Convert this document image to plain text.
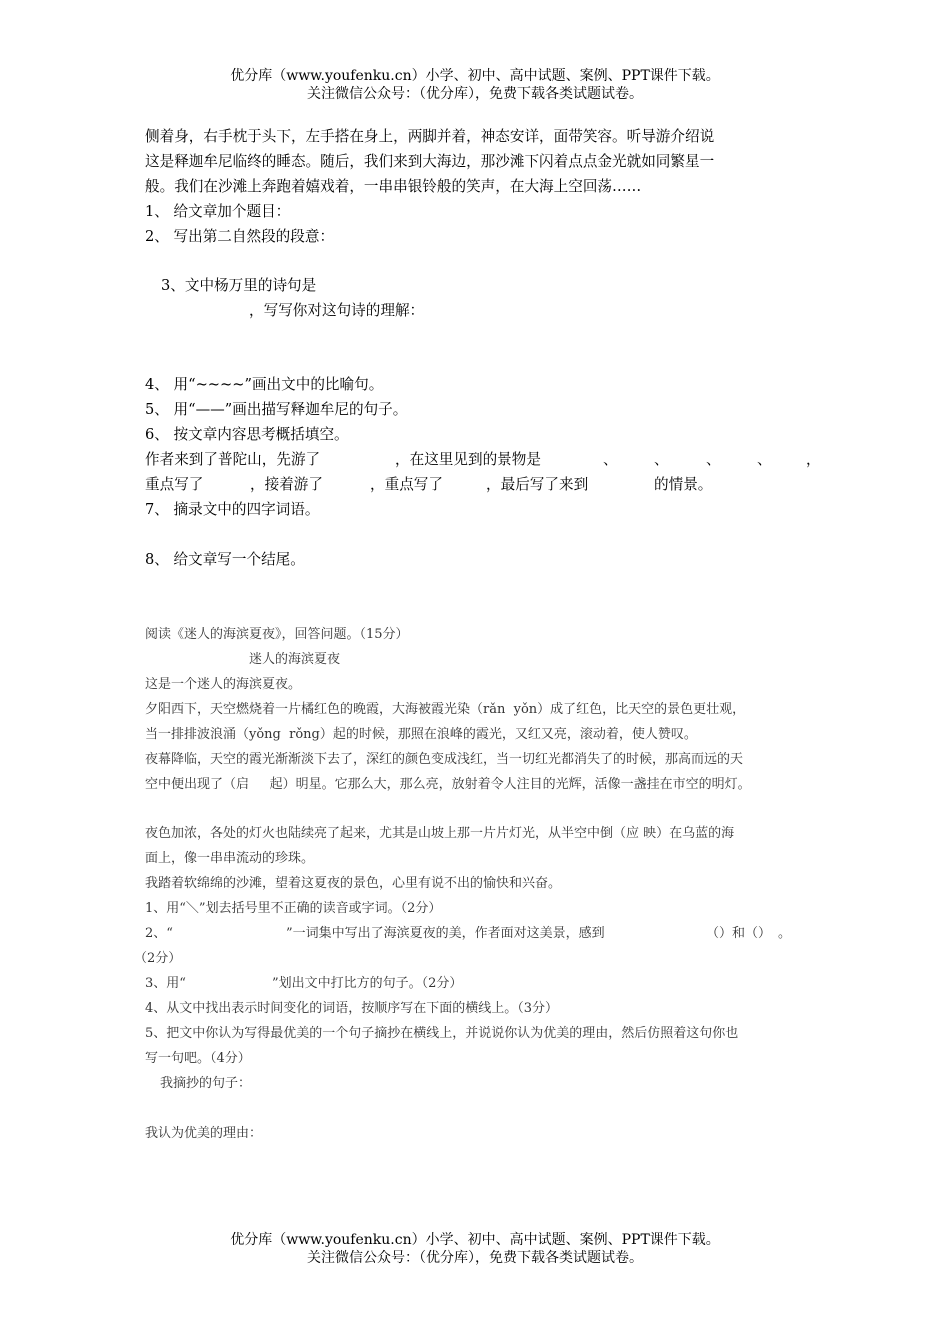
优分库（www.youfenku.cn）小学、初中、高中试题、案例、PPT课件下载。
关注微信公众号：（优分库），免费下载各类试题试卷。
侧着身，右手枕于头下，左手搭在身上，两脚并着，神态安详，面带笑容。听导游介绍说
这是释迦牟尼临终的睡态。随后，我们来到大海边，那沙滩下闪着点点金光就如同繁星一
般。我们在沙滩上奔跑着嬉戏着，一串串银铃般的笑声，在大海上空回荡……
1、 给文章加个题目：
2、 写出第二自然段的段意：
3、文中杨万里的诗句是
，写写你对这句诗的理解：
4、 用“~~~~”画出文中的比喻句。
5、 用“——”画出描写释迦牟尼的句子。
6、 按文章内容思考概括填空。
作者来到了普陀山，先游了	，在这里见到的景物是	、 、	、 、 ，
重点写了	，接着游了	，重点写了	，最后写了来到	的情景。
7、 摘录文中的四字词语。
8、 给文章写一个结尾。
阅读《迷人的海滨夏夜》，回答问题。（15分）
迷人的海滨夏夜
这是一个迷人的海滨夏夜。
夕阳西下，天空燃烧着一片橘红色的晚霞，大海被霞光染（rǎn  yǒn）成了红色，比天空的景色更壮观，
当一排排波浪涌（yǒng  rǒng）起的时候，那照在浪峰的霞光，又红又亮，滚动着，使人赞叹。
夜幕降临，天空的霞光渐渐淡下去了，深红的颜色变成浅红，当一切红光都消失了的时候，那高而远的天
空中便出现了（启     起）明星。它那么大，那么亮，放射着令人注目的光辉，活像一盏挂在市空的明灯。
夜色加浓，各处的灯火也陆续亮了起来，尤其是山坡上那一片片灯光，从半空中倒（应 映）在乌蓝的海
面上，像一串串流动的珍珠。
我踏着软绵绵的沙滩，望着这夏夜的景色，心里有说不出的愉快和兴奋。
1、用“＼”划去括号里不正确的读音或字词。（2分）
2、“	”一词集中写出了海滨夏夜的美，作者面对这美景，感到	（）和（） 。
（2分）
3、用“	”划出文中打比方的句子。（2分）
4、从文中找出表示时间变化的词语，按顺序写在下面的横线上。（3分）
5、把文中你认为写得最优美的一个句子摘抄在横线上，并说说你认为优美的理由，然后仿照着这句你也
写一句吧。（4分）
我摘抄的句子：
我认为优美的理由：
优分库（www.youfenku.cn）小学、初中、高中试题、案例、PPT课件下载。
关注微信公众号：（优分库），免费下载各类试题试卷。
